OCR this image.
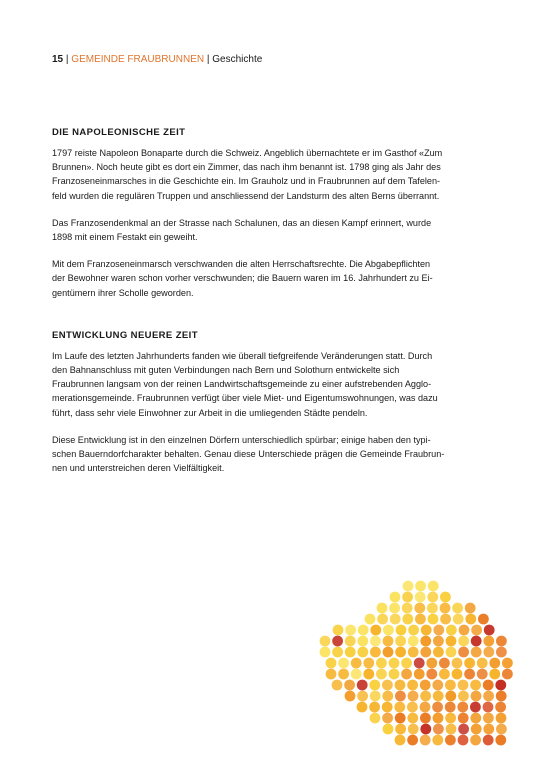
15 | GEMEINDE FRAUBRUNNEN | Geschichte
DIE NAPOLEONISCHE ZEIT

1797 reiste Napoleon Bonaparte durch die Schweiz. Angeblich übernachtete er im Gasthof «Zum
Brunnen». Noch heute gibt es dort ein Zimmer, das nach ihm benannt ist. 1798 ging als Jahr des
Franzoseneinmarsches in die Geschichte ein. Im Grauholz und in Fraubrunnen auf dem Tafelen-
feld wurden die regulären Truppen und anschliessend der Landsturm des alten Berns überrannt.

Das Franzosendenkmal an der Strasse nach Schalunen, das an diesen Kampf erinnert, wurde
1898 mit einem Festakt ein geweiht.

Mit dem Franzoseneinmarsch verschwanden die alten Herrschaftsrechte. Die Abgabepflichten
der Bewohner waren schon vorher verschwunden; die Bauern waren im 16. Jahrhundert zu Ei-
gentümern ihrer Scholle geworden.

ENTWICKLUNG NEUERE ZEIT

Im Laufe des letzten Jahrhunderts fanden wie überall tiefgreifende Veränderungen statt. Durch
den Bahnanschluss mit guten Verbindungen nach Bern und Solothurn entwickelte sich
Fraubrunnen langsam von der reinen Landwirtschaftsgemeinde zu einer aufstrebenden Agglo-
merationsgemeinde. Fraubrunnen verfügt über viele Miet- und Eigentumswohnungen, was dazu
führt, dass sehr viele Einwohner zur Arbeit in die umliegenden Städte pendeln.

Diese Entwicklung ist in den einzelnen Dörfern unterschiedlich spürbar; einige haben den typi-
schen Bauerndorfcharakter behalten. Genau diese Unterschiede prägen die Gemeinde Fraubrun-
nen und unterstreichen deren Vielfältigkeit.
